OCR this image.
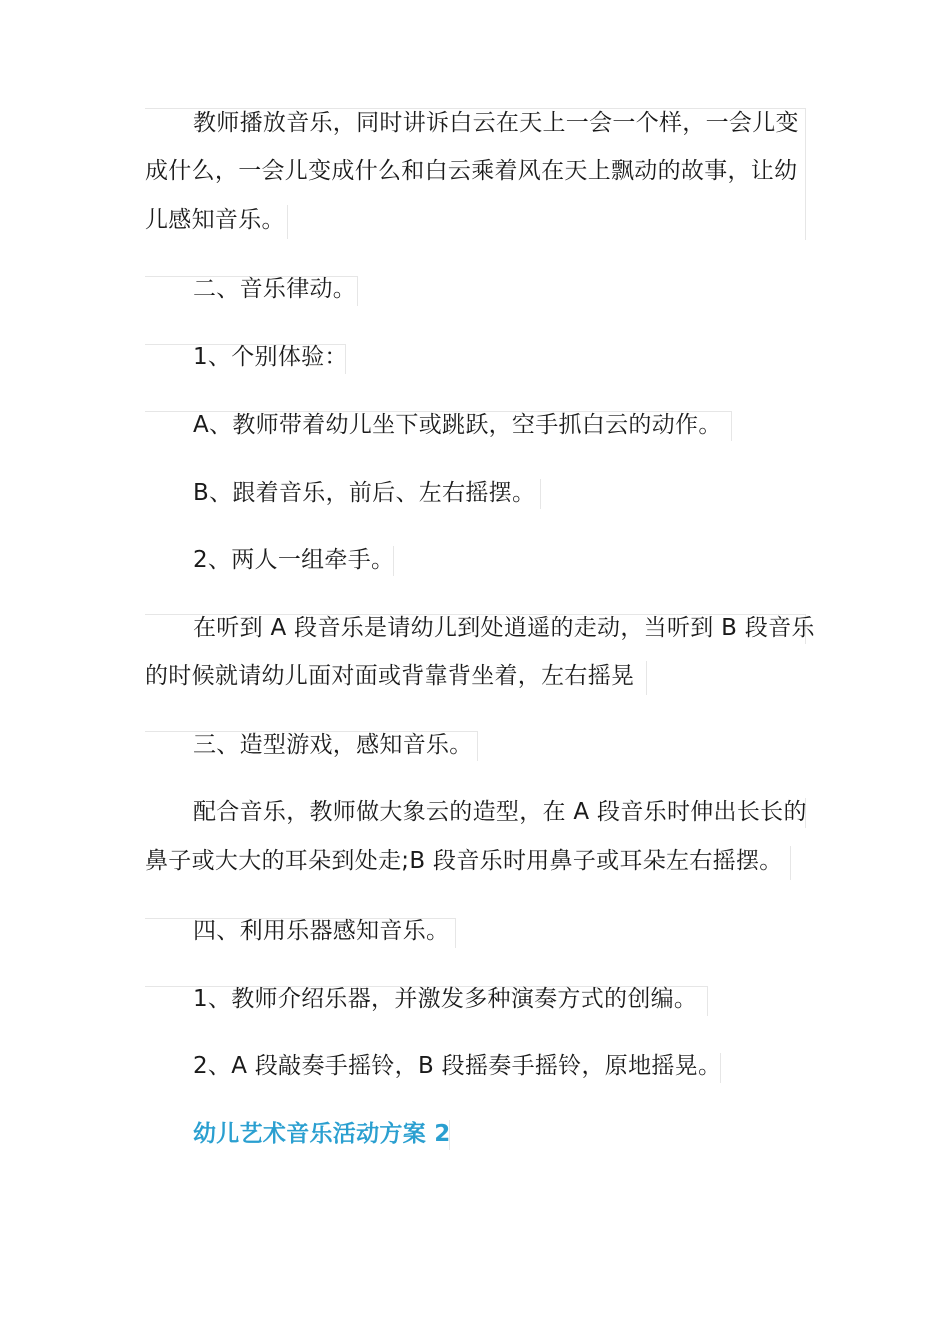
教师播放音乐，同时讲诉白云在天上一会一个样，一会儿变
成什么，一会儿变成什么和白云乘着风在天上飘动的故事，让幼
儿感知音乐。
二、音乐律动。
1、个别体验：
A、教师带着幼儿坐下或跳跃，空手抓白云的动作。
B、跟着音乐，前后、左右摇摆。
2、两人一组牵手。
在听到 A 段音乐是请幼儿到处逍遥的走动，当听到 B 段音乐
的时候就请幼儿面对面或背靠背坐着，左右摇晃
三、造型游戏，感知音乐。
配合音乐，教师做大象云的造型，在 A 段音乐时伸出长长的
鼻子或大大的耳朵到处走;B 段音乐时用鼻子或耳朵左右摇摆。
四、利用乐器感知音乐。
1、教师介绍乐器，并激发多种演奏方式的创编。
2、A 段敲奏手摇铃，B 段摇奏手摇铃，原地摇晃。
幼儿艺术音乐活动方案 2
